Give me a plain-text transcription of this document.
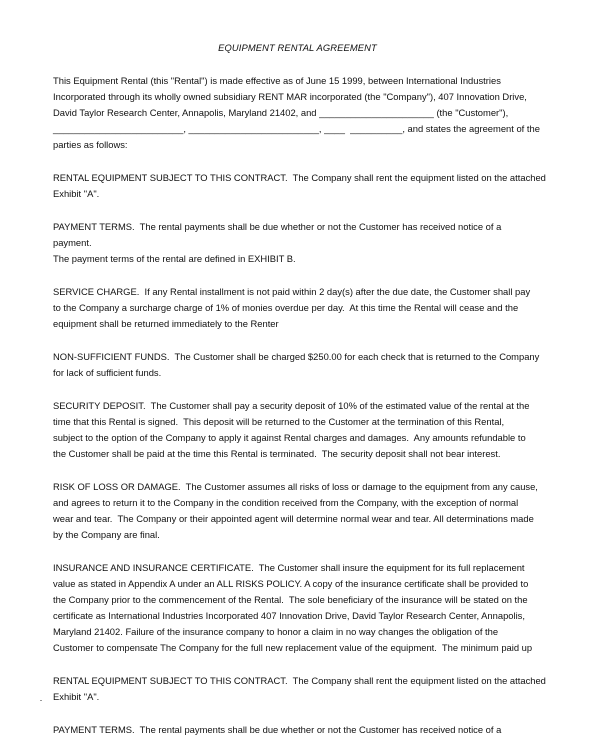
EQUIPMENT RENTAL AGREEMENT
This Equipment Rental (this "Rental") is made effective as of June 15 1999, between International Industries
Incorporated through its wholly owned subsidiary RENT MAR incorporated (the "Company"), 407 Innovation Drive,
David Taylor Research Center, Annapolis, Maryland 21402, and ______________________ (the "Customer"),
_________________________, _________________________, ____  __________, and states the agreement of the
parties as follows:
RENTAL EQUIPMENT SUBJECT TO THIS CONTRACT.  The Company shall rent the equipment listed on the attached
Exhibit "A".
PAYMENT TERMS.  The rental payments shall be due whether or not the Customer has received notice of a
payment.
The payment terms of the rental are defined in EXHIBIT B.
SERVICE CHARGE.  If any Rental installment is not paid within 2 day(s) after the due date, the Customer shall pay
to the Company a surcharge charge of 1% of monies overdue per day.  At this time the Rental will cease and the
equipment shall be returned immediately to the Renter
NON-SUFFICIENT FUNDS.  The Customer shall be charged $250.00 for each check that is returned to the Company
for lack of sufficient funds.
SECURITY DEPOSIT.  The Customer shall pay a security deposit of 10% of the estimated value of the rental at the
time that this Rental is signed.  This deposit will be returned to the Customer at the termination of this Rental,
subject to the option of the Company to apply it against Rental charges and damages.  Any amounts refundable to
the Customer shall be paid at the time this Rental is terminated.  The security deposit shall not bear interest.
RISK OF LOSS OR DAMAGE.  The Customer assumes all risks of loss or damage to the equipment from any cause,
and agrees to return it to the Company in the condition received from the Company, with the exception of normal
wear and tear.  The Company or their appointed agent will determine normal wear and tear. All determinations made
by the Company are final.
INSURANCE AND INSURANCE CERTIFICATE.  The Customer shall insure the equipment for its full replacement
value as stated in Appendix A under an ALL RISKS POLICY. A copy of the insurance certificate shall be provided to
the Company prior to the commencement of the Rental.  The sole beneficiary of the insurance will be stated on the
certificate as International Industries Incorporated 407 Innovation Drive, David Taylor Research Center, Annapolis,
Maryland 21402. Failure of the insurance company to honor a claim in no way changes the obligation of the
Customer to compensate The Company for the full new replacement value of the equipment.  The minimum paid up
RENTAL EQUIPMENT SUBJECT TO THIS CONTRACT.  The Company shall rent the equipment listed on the attached
Exhibit "A".
PAYMENT TERMS.  The rental payments shall be due whether or not the Customer has received notice of a
